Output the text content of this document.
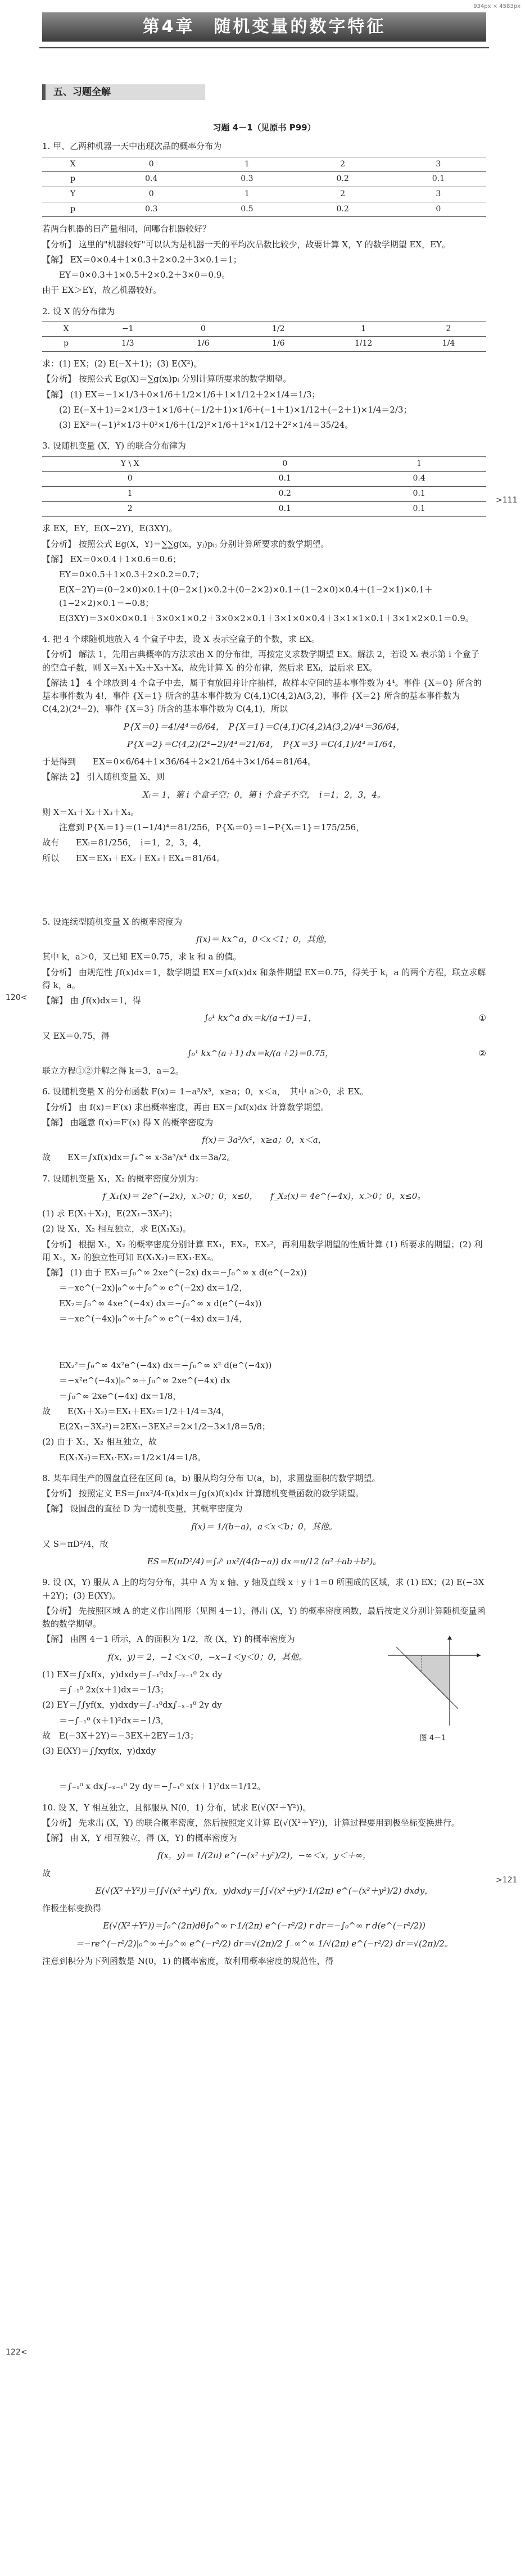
934px × 4583px
第4章　随机变量的数字特征
五、习题全解
>111
120<
>121
122<
习题 4－1（见原书 P99）

1. 甲、乙两种机器一天中出现次品的概率分布为

X	0	1	2	3
p	0.4	0.3	0.2	0.1
Y	0	1	2	3
p	0.3	0.5	0.2	0

若两台机器的日产量相同，问哪台机器较好？

【分析】 这里的"机器较好"可以认为是机器一天的平均次品数比较少，故要计算 X，Y 的数学期望 EX，EY。

【解】 EX＝0×0.4＋1×0.3＋2×0.2＋3×0.1＝1；

EY＝0×0.3＋1×0.5＋2×0.2＋3×0＝0.9。

由于 EX＞EY，故乙机器较好。

2. 设 X 的分布律为

X	−1	0	1/2	1	2
p	1/3	1/6	1/6	1/12	1/4

求：(1) EX；(2) E(−X＋1)；(3) E(X²)。

【分析】 按照公式 Eg(X)＝∑g(xᵢ)pᵢ 分别计算所要求的数学期望。

【解】 (1) EX＝−1×1/3＋0×1/6＋1/2×1/6＋1×1/12＋2×1/4＝1/3；

(2) E(−X＋1)＝2×1/3＋1×1/6＋(−1/2＋1)×1/6＋(−1＋1)×1/12＋(−2＋1)×1/4＝2/3；

(3) EX²＝(−1)²×1/3＋0²×1/6＋(1/2)²×1/6＋1²×1/12＋2²×1/4＝35/24。

3. 设随机变量 (X，Y) 的联合分布律为

Y \ X	0	1
0	0.1	0.4
1	0.2	0.1
2	0.1	0.1

求 EX，EY，E(X−2Y)，E(3XY)。

【分析】 按照公式 Eg(X，Y)＝∑∑g(xᵢ，yⱼ)pᵢⱼ 分别计算所要求的数学期望。

【解】 EX＝0×0.4＋1×0.6＝0.6；

EY＝0×0.5＋1×0.3＋2×0.2＝0.7；

E(X−2Y)＝(0−2×0)×0.1＋(0−2×1)×0.2＋(0−2×2)×0.1＋(1−2×0)×0.4＋(1−2×1)×0.1＋(1−2×2)×0.1＝−0.8；

E(3XY)＝3×0×0×0.1＋3×0×1×0.2＋3×0×2×0.1＋3×1×0×0.4＋3×1×1×0.1＋3×1×2×0.1＝0.9。

4. 把 4 个球随机地放入 4 个盒子中去，设 X 表示空盒子的个数，求 EX。

【分析】 解法 1，先用古典概率的方法求出 X 的分布律，再按定义求数学期望 EX。解法 2，若设 Xᵢ 表示第 i 个盒子的空盒子数，则 X＝X₁＋X₂＋X₃＋X₄，故先计算 Xᵢ 的分布律，然后求 EXᵢ，最后求 EX。

【解法 1】 4 个球放到 4 个盒子中去，属于有放回并计序抽样，故样本空间的基本事件数为 4⁴。事件 {X＝0} 所含的基本事件数为 4!，事件 {X＝1} 所含的基本事件数为 C(4,1)C(4,2)A(3,2)，事件 {X＝2} 所含的基本事件数为 C(4,2)(2⁴−2)，事件 {X＝3} 所含的基本事件数为 C(4,1)，所以

P{X＝0}＝4!/4⁴＝6/64，　P{X＝1}＝C(4,1)C(4,2)A(3,2)/4⁴＝36/64，

P{X＝2}＝C(4,2)(2⁴−2)/4⁴＝21/64，　P{X＝3}＝C(4,1)/4⁴＝1/64，

于是得到　　EX＝0×6/64＋1×36/64＋2×21/64＋3×1/64＝81/64。

【解法 2】 引入随机变量 Xᵢ，则

Xᵢ＝ 1，第 i 个盒子空；0，第 i 个盒子不空，　i＝1，2，3，4。

则 X＝X₁＋X₂＋X₃＋X₄。

注意到 P{Xᵢ＝1}＝(1−1/4)⁴＝81/256，P{Xᵢ＝0}＝1−P{Xᵢ＝1}＝175/256，

故有　　EXᵢ＝81/256，　i＝1，2，3，4，

所以　　EX＝EX₁＋EX₂＋EX₃＋EX₄＝81/64。

5. 设连续型随机变量 X 的概率密度为

f(x)＝ kx^a，0＜x＜1；0，其他，

其中 k，a＞0，又已知 EX＝0.75，求 k 和 a 的值。

【分析】 由规范性 ∫f(x)dx＝1，数学期望 EX＝∫xf(x)dx 和条件期望 EX＝0.75，得关于 k，a 的两个方程，联立求解得 k，a。

【解】 由 ∫f(x)dx＝1，得

∫₀¹ kx^a dx＝k/(a＋1)＝1，	①

又 EX＝0.75，得

∫₀¹ kx^(a＋1) dx＝k/(a＋2)＝0.75，	②

联立方程①②并解之得 k＝3，a＝2。

6. 设随机变量 X 的分布函数 F(x)＝ 1−a³/x³，x≥a；0，x＜a，　其中 a＞0，求 EX。

【分析】 由 f(x)＝F′(x) 求出概率密度，再由 EX＝∫xf(x)dx 计算数学期望。

【解】 由题意 f(x)＝F′(x) 得 X 的概率密度为

f(x)＝ 3a³/x⁴，x≥a；0，x＜a，

故　　EX＝∫xf(x)dx＝∫ₐ^∞ x·3a³/x⁴ dx＝3a/2。

7. 设随机变量 X₁，X₂ 的概率密度分别为：

f_X₁(x)＝ 2e^(−2x)，x＞0；0，x≤0，　　f_X₂(x)＝ 4e^(−4x)，x＞0；0，x≤0。

(1) 求 E(X₁＋X₂)，E(2X₁−3X₂²)；

(2) 设 X₁，X₂ 相互独立，求 E(X₁X₂)。

【分析】 根据 X₁，X₂ 的概率密度分别计算 EX₁，EX₂，EX₂²，再利用数学期望的性质计算 (1) 所要求的期望；(2) 利用 X₁，X₂ 的独立性可知 E(X₁X₂)＝EX₁·EX₂。

【解】 (1) 由于 EX₁＝∫₀^∞ 2xe^(−2x) dx＝−∫₀^∞ x d(e^(−2x))

＝−xe^(−2x)|₀^∞＋∫₀^∞ e^(−2x) dx＝1/2，

EX₂＝∫₀^∞ 4xe^(−4x) dx＝−∫₀^∞ x d(e^(−4x))

＝−xe^(−4x)|₀^∞＋∫₀^∞ e^(−4x) dx＝1/4，

EX₂²＝∫₀^∞ 4x²e^(−4x) dx＝−∫₀^∞ x² d(e^(−4x))

＝−x²e^(−4x)|₀^∞＋∫₀^∞ 2xe^(−4x) dx

＝∫₀^∞ 2xe^(−4x) dx＝1/8，

故　　E(X₁＋X₂)＝EX₁＋EX₂＝1/2＋1/4＝3/4，

E(2X₁−3X₂²)＝2EX₁−3EX₂²＝2×1/2−3×1/8＝5/8；

(2) 由于 X₁，X₂ 相互独立，故

E(X₁X₂)＝EX₁·EX₂＝1/2×1/4＝1/8。

8. 某车间生产的圆盘直径在区间 (a，b) 服从均匀分布 U(a，b)，求圆盘面积的数学期望。

【分析】 按照定义 ES＝∫πx²/4·f(x)dx＝∫g(x)f(x)dx 计算随机变量函数的数学期望。

【解】 设圆盘的直径 D 为一随机变量，其概率密度为

f(x)＝ 1/(b−a)，a＜x＜b；0，其他。

又 S＝πD²/4，故

ES＝E(πD²/4)＝∫ₐᵇ πx²/(4(b−a)) dx＝π/12 (a²＋ab＋b²)。

9. 设 (X，Y) 服从 A 上的均匀分布，其中 A 为 x 轴、y 轴及直线 x＋y＋1＝0 所围成的区域，求 (1) EX；(2) E(−3X＋2Y)；(3) E(XY)。

【分析】 先按照区域 A 的定义作出图形（见图 4－1），得出 (X，Y) 的概率密度函数，最后按定义分别计算随机变量函数的数学期望。

图 4－1

【解】 由图 4－1 所示，A 的面积为 1/2，故 (X，Y) 的概率密度为

f(x，y)＝ 2，−1＜x＜0，−x−1＜y＜0；0，其他。

(1) EX＝∫∫xf(x，y)dxdy＝∫₋₁⁰dx∫₋ₓ₋₁⁰ 2x dy

＝∫₋₁⁰ 2x(x＋1)dx＝−1/3；

(2) EY＝∫∫yf(x，y)dxdy＝∫₋₁⁰dx∫₋ₓ₋₁⁰ 2y dy

＝−∫₋₁⁰ (x＋1)²dx＝−1/3，

故　E(−3X＋2Y)＝−3EX＋2EY＝1/3；

(3) E(XY)＝∫∫xyf(x，y)dxdy

＝∫₋₁⁰ x dx∫₋ₓ₋₁⁰ 2y dy＝−∫₋₁⁰ x(x＋1)²dx＝1/12。

10. 设 X，Y 相互独立，且都服从 N(0，1) 分布，试求 E(√(X²＋Y²))。

【分析】 先求出 (X，Y) 的联合概率密度，然后按照定义计算 E(√(X²＋Y²))，计算过程要用到极坐标变换进行。

【解】 由 X，Y 相互独立，得 (X，Y) 的概率密度为

f(x，y)＝ 1/(2π) e^(−(x²＋y²)/2)，−∞＜x，y＜＋∞，

故

E(√(X²＋Y²))＝∫∫√(x²＋y²) f(x，y)dxdy＝∫∫√(x²＋y²)·1/(2π) e^(−(x²＋y²)/2) dxdy，

作极坐标变换得

E(√(X²＋Y²))＝∫₀^(2π)dθ∫₀^∞ r·1/(2π) e^(−r²/2) r dr＝−∫₀^∞ r d(e^(−r²/2))

＝−re^(−r²/2)|₀^∞＋∫₀^∞ e^(−r²/2) dr＝√(2π)/2 ∫₋∞^∞ 1/√(2π) e^(−r²/2) dr＝√(2π)/2。

注意到积分为下列函数是 N(0，1) 的概率密度，故利用概率密度的规范性，得
